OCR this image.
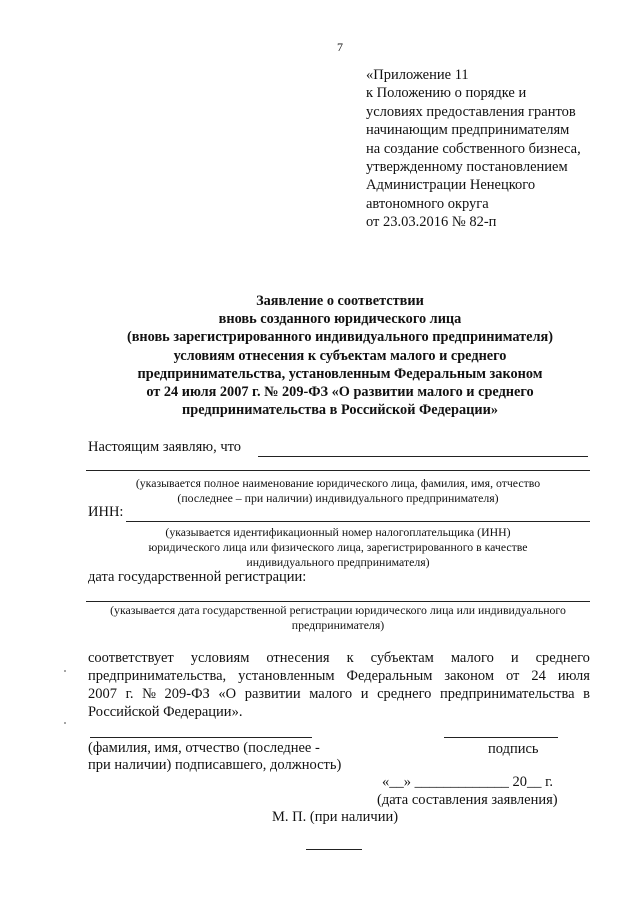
7
«Приложение 11
к Положению о порядке и
условиях предоставления грантов
начинающим предпринимателям
на создание собственного бизнеса,
утвержденному постановлением
Администрации Ненецкого
автономного округа
от 23.03.2016 № 82-п
Заявление о соответствии
вновь созданного юридического лица
(вновь зарегистрированного индивидуального предпринимателя)
условиям отнесения к субъектам малого и среднего
предпринимательства, установленным Федеральным законом
от 24 июля 2007 г. № 209-ФЗ «О развитии малого и среднего
предпринимательства в Российской Федерации»
Настоящим заявляю, что
(указывается полное наименование юридического лица, фамилия, имя, отчество
(последнее – при наличии) индивидуального предпринимателя)
ИНН:
(указывается идентификационный номер налогоплательщика (ИНН)
юридического лица или физического лица, зарегистрированного в качестве
индивидуального предпринимателя)
дата государственной регистрации:
(указывается дата государственной регистрации юридического лица или индивидуального
предпринимателя)
соответствует условиям отнесения к субъектам малого и среднего
предпринимательства, установленным Федеральным законом от 24 июля
2007 г. № 209-ФЗ «О развитии малого и среднего предпринимательства в
Российской Федерации».
(фамилия, имя, отчество (последнее -
при наличии) подписавшего, должность)
подпись
«__» _____________ 20__ г.
(дата составления заявления)
М. П. (при наличии)
